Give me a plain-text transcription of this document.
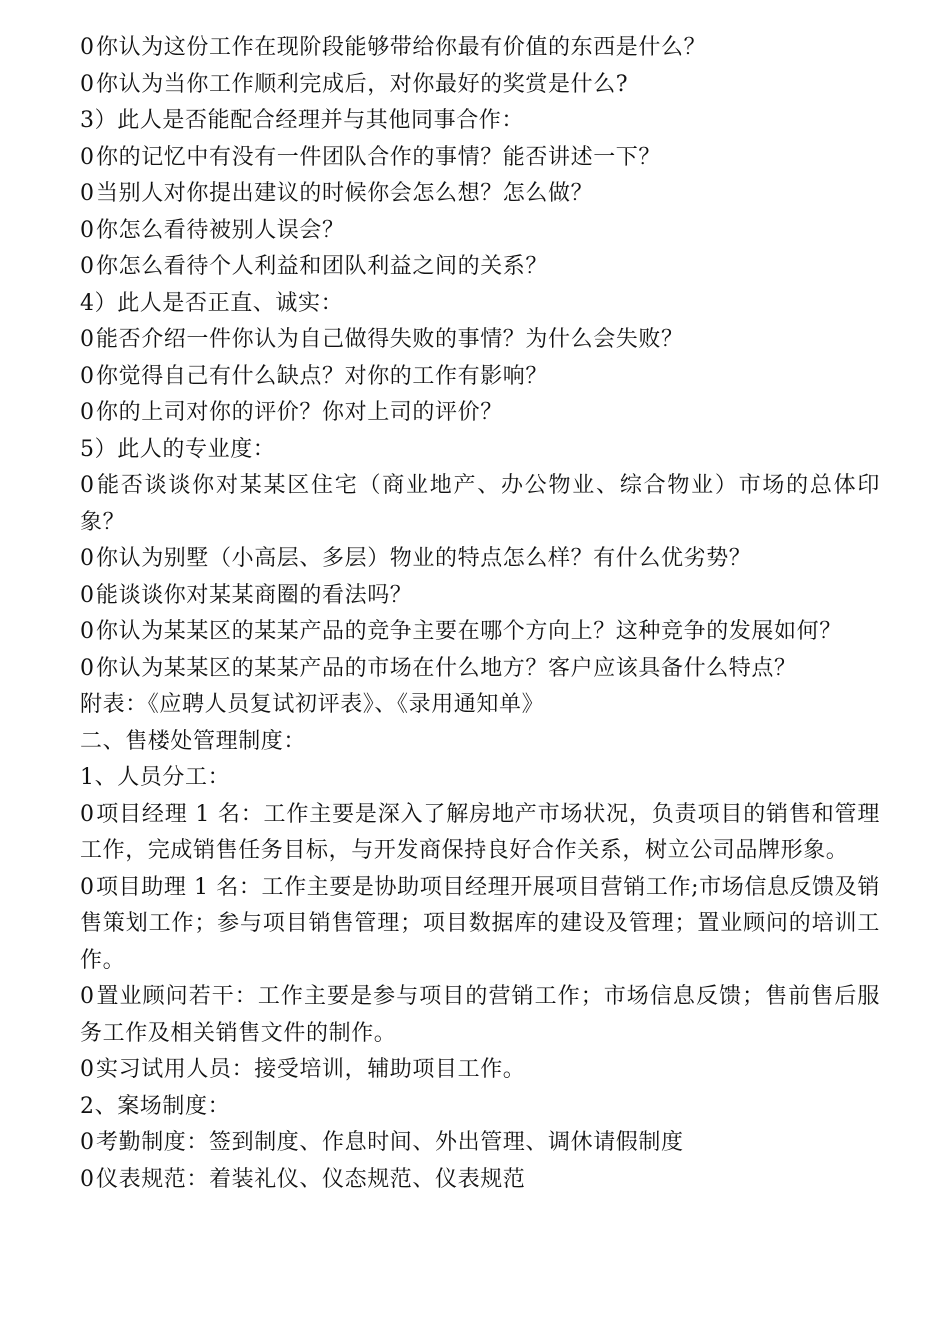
0你认为这份工作在现阶段能够带给你最有价值的东西是什么？

0你认为当你工作顺利完成后，对你最好的奖赏是什么?

3）此人是否能配合经理并与其他同事合作：

0你的记忆中有没有一件团队合作的事情？能否讲述一下？

0当别人对你提出建议的时候你会怎么想？怎么做？

0你怎么看待被别人误会？

0你怎么看待个人利益和团队利益之间的关系？

4）此人是否正直、诚实：

0能否介绍一件你认为自己做得失败的事情？为什么会失败？

0你觉得自己有什么缺点？对你的工作有影响？

0你的上司对你的评价？你对上司的评价？

5）此人的专业度：

0能否谈谈你对某某区住宅（商业地产、办公物业、综合物业）市场的总体印象？

0你认为别墅（小高层、多层）物业的特点怎么样？有什么优劣势？

0能谈谈你对某某商圈的看法吗？

0你认为某某区的某某产品的竞争主要在哪个方向上？这种竞争的发展如何？

0你认为某某区的某某产品的市场在什么地方？客户应该具备什么特点？

附表：《应聘人员复试初评表》、《录用通知单》

二、售楼处管理制度：

1、人员分工：

0项目经理 1 名：工作主要是深入了解房地产市场状况，负责项目的销售和管理工作，完成销售任务目标，与开发商保持良好合作关系，树立公司品牌形象。

0项目助理 1 名：工作主要是协助项目经理开展项目营销工作;市场信息反馈及销售策划工作；参与项目销售管理；项目数据库的建设及管理；置业顾问的培训工作。

0置业顾问若干：工作主要是参与项目的营销工作；市场信息反馈；售前售后服务工作及相关销售文件的制作。

0实习试用人员：接受培训，辅助项目工作。

2、案场制度：

0考勤制度：签到制度、作息时间、外出管理、调休请假制度

0仪表规范：着装礼仪、仪态规范、仪表规范
